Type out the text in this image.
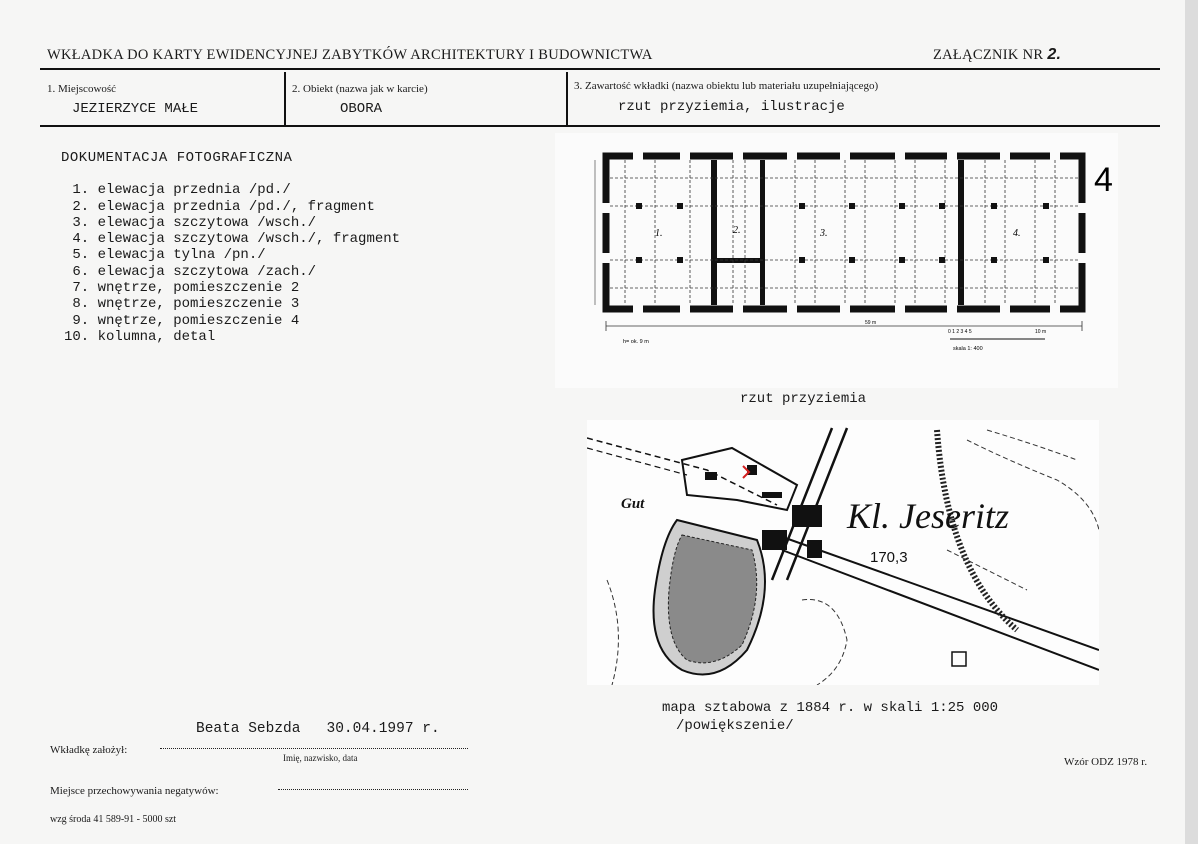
WKŁADKA DO KARTY EWIDENCYJNEJ ZABYTKÓW ARCHITEKTURY I BUDOWNICTWA	ZAŁĄCZNIK NR 2.
1. Miejscowość
JEZIERZYCE MAŁE
2. Obiekt (nazwa jak w karcie)
OBORA
3. Zawartość wkładki (nazwa obiektu lub materiału uzupełniającego)
rzut przyziemia, ilustracje
DOKUMENTACJA FOTOGRAFICZNA
1. elewacja przednia /pd./
2. elewacja przednia /pd./, fragment
3. elewacja szczytowa /wsch./
4. elewacja szczytowa /wsch./, fragment
5. elewacja tylna /pn./
6. elewacja szczytowa /zach./
7. wnętrze, pomieszczenie 2
8. wnętrze, pomieszczenie 3
9. wnętrze, pomieszczenie 4
10. kolumna, detal
1.	2.	3.	4.
4
59 m
h= ok. 9 m
0 1 2 3 4 5	10 m
skala 1: 400
rzut przyziemia
Kl. Jeseritz
170,3
Gut
mapa sztabowa z 1884 r. w skali 1:25 000
/powiększenie/
Beata Sebzda   30.04.1997 r.
Wkładkę założył:
Imię, nazwisko, data
Miejsce przechowywania negatywów:
wzg środa 41 589-91 - 5000 szt
Wzór ODZ 1978 r.
